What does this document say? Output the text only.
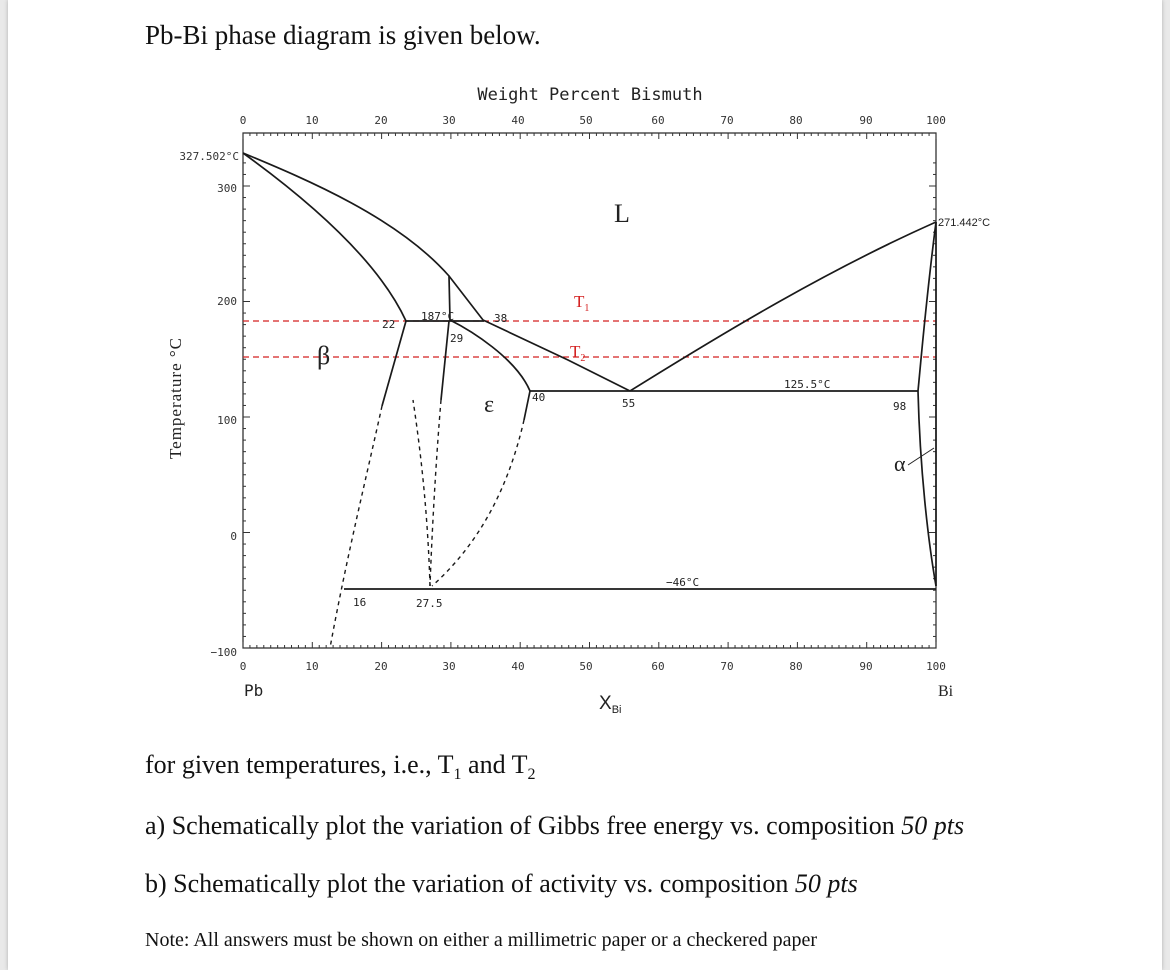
Pb-Bi phase diagram is given below.
Weight Percent Bismuth
Temperature °C
0	10	20	30	40	50	60	70	80	90	100
0	10	20	30	40	50	60	70	80	90	100
327.502°C
300
200
100
0
−100
Pb	Bi
271.442°C
$X_{Bi}$
L
β
ε
α
$T_1$
$T_2$
187°C
22
29
38
40	55
125.5°C
98
−46°C
16	27.5
for given temperatures, i.e., $T_1$ and $T_2$
a) Schematically plot the variation of Gibbs free energy vs. composition 50 pts
b) Schematically plot the variation of activity vs. composition 50 pts
Note: All answers must be shown on either a millimetric paper or a checkered paper
